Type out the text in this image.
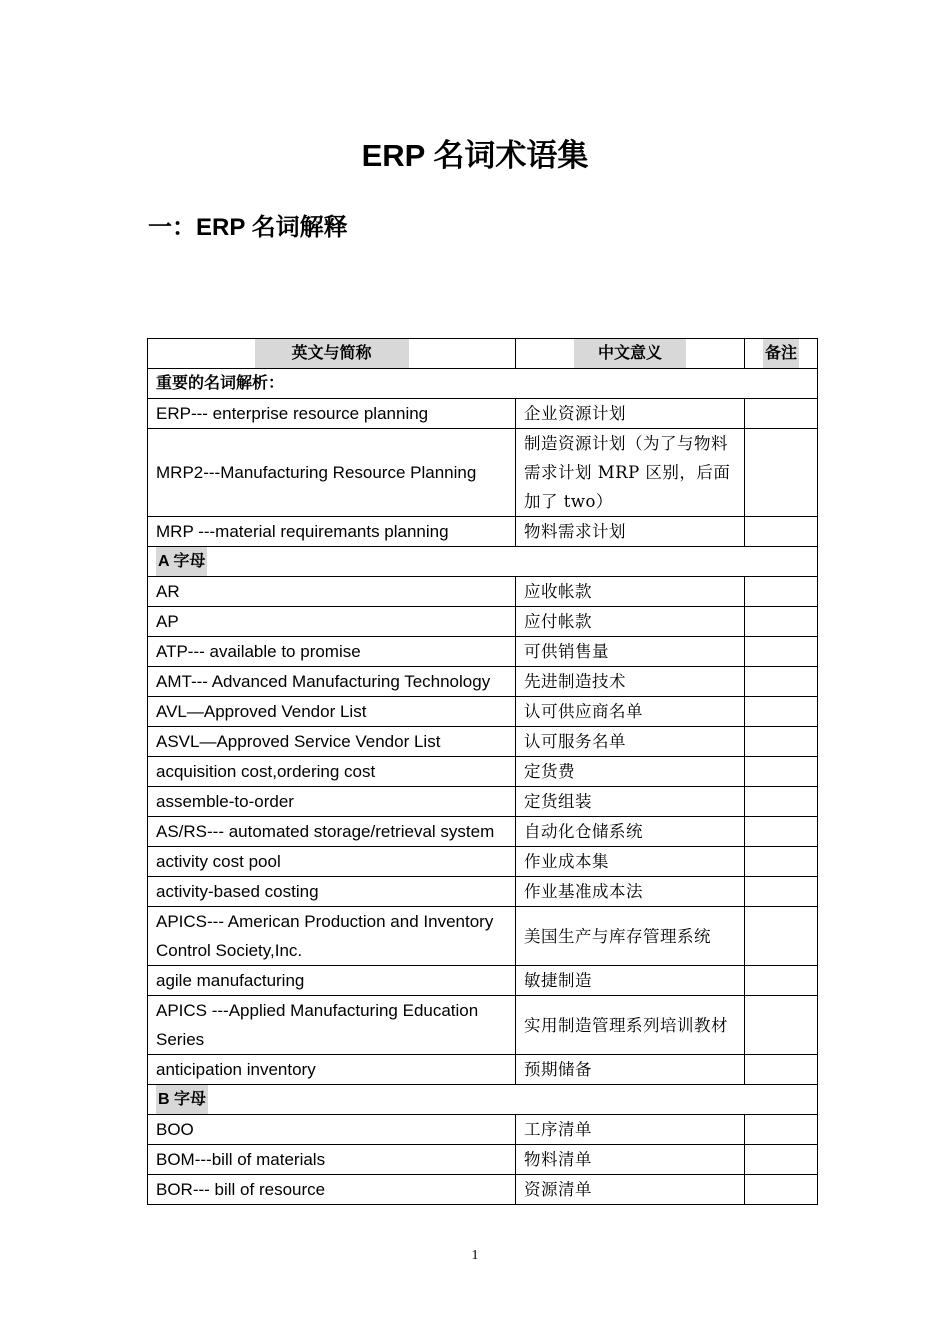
ERP 名词术语集
一：ERP 名词解释
英文与简称	中文意义	备注
重要的名词解析：		
ERP--- enterprise resource planning	企业资源计划	
MRP2---Manufacturing Resource Planning	制造资源计划（为了与物料需求计划 MRP 区别，后面加了 two）	
MRP ---material requiremants planning	物料需求计划	
A 字母		
AR	应收帐款	
AP	应付帐款	
ATP--- available to promise	可供销售量	
AMT--- Advanced Manufacturing Technology	先进制造技术	
AVL—Approved Vendor List	认可供应商名单	
ASVL—Approved Service Vendor List	认可服务名单	
acquisition cost,ordering cost	定货费	
assemble-to-order	定货组装	
AS/RS--- automated storage/retrieval system	自动化仓储系统	
activity cost pool	作业成本集	
activity-based costing	作业基准成本法	
APICS--- American Production and Inventory Control Society,Inc.	美国生产与库存管理系统	
agile manufacturing	敏捷制造	
APICS ---Applied Manufacturing Education Series	实用制造管理系列培训教材	
anticipation inventory	预期储备	
B 字母		
BOO	工序清单	
BOM---bill of materials	物料清单	
BOR--- bill of resource	资源清单	
1
